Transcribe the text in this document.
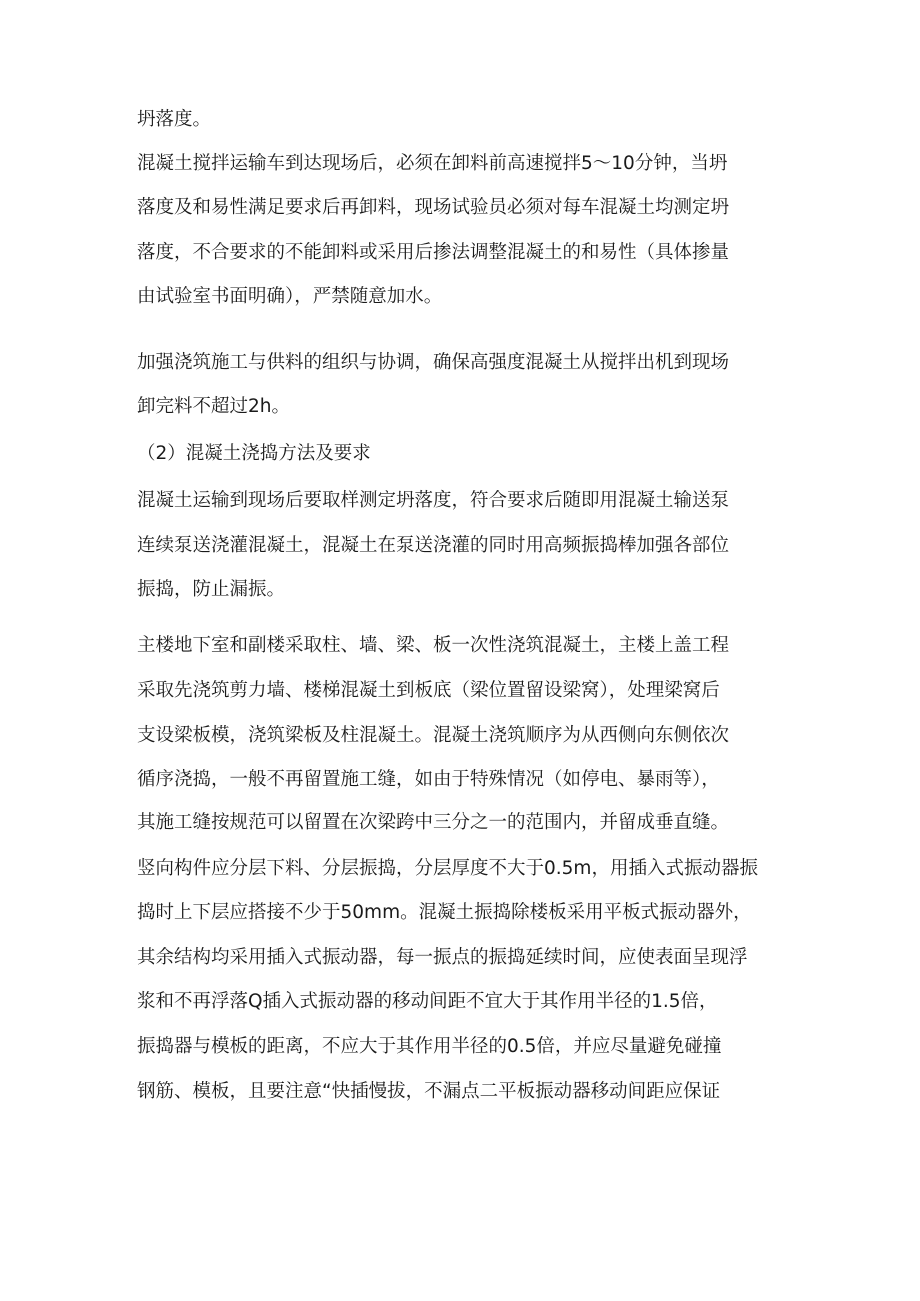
坍落度。
混凝土搅拌运输车到达现场后，必须在卸料前高速搅拌5～10分钟，当坍
落度及和易性满足要求后再卸料，现场试验员必须对每车混凝土均测定坍
落度，不合要求的不能卸料或采用后掺法调整混凝土的和易性（具体掺量
由试验室书面明确），严禁随意加水。
加强浇筑施工与供料的组织与协调，确保高强度混凝土从搅拌出机到现场
卸完料不超过2h。
（2）混凝土浇捣方法及要求
混凝土运输到现场后要取样测定坍落度，符合要求后随即用混凝土输送泵
连续泵送浇灌混凝土，混凝土在泵送浇灌的同时用高频振捣棒加强各部位
振捣，防止漏振。
主楼地下室和副楼采取柱、墙、梁、板一次性浇筑混凝土，主楼上盖工程
采取先浇筑剪力墙、楼梯混凝土到板底（梁位置留设梁窝），处理梁窝后
支设梁板模，浇筑梁板及柱混凝土。混凝土浇筑顺序为从西侧向东侧依次
循序浇捣，一般不再留置施工缝，如由于特殊情况（如停电、暴雨等），
其施工缝按规范可以留置在次梁跨中三分之一的范围内，并留成垂直缝。
竖向构件应分层下料、分层振捣，分层厚度不大于0.5m，用插入式振动器振
捣时上下层应搭接不少于50mm。混凝土振捣除楼板采用平板式振动器外，
其余结构均采用插入式振动器，每一振点的振捣延续时间，应使表面呈现浮
浆和不再浮落Q插入式振动器的移动间距不宜大于其作用半径的1.5倍，
振捣器与模板的距离，不应大于其作用半径的0.5倍，并应尽量避免碰撞
钢筋、模板，且要注意“快插慢拔，不漏点二平板振动器移动间距应保证
